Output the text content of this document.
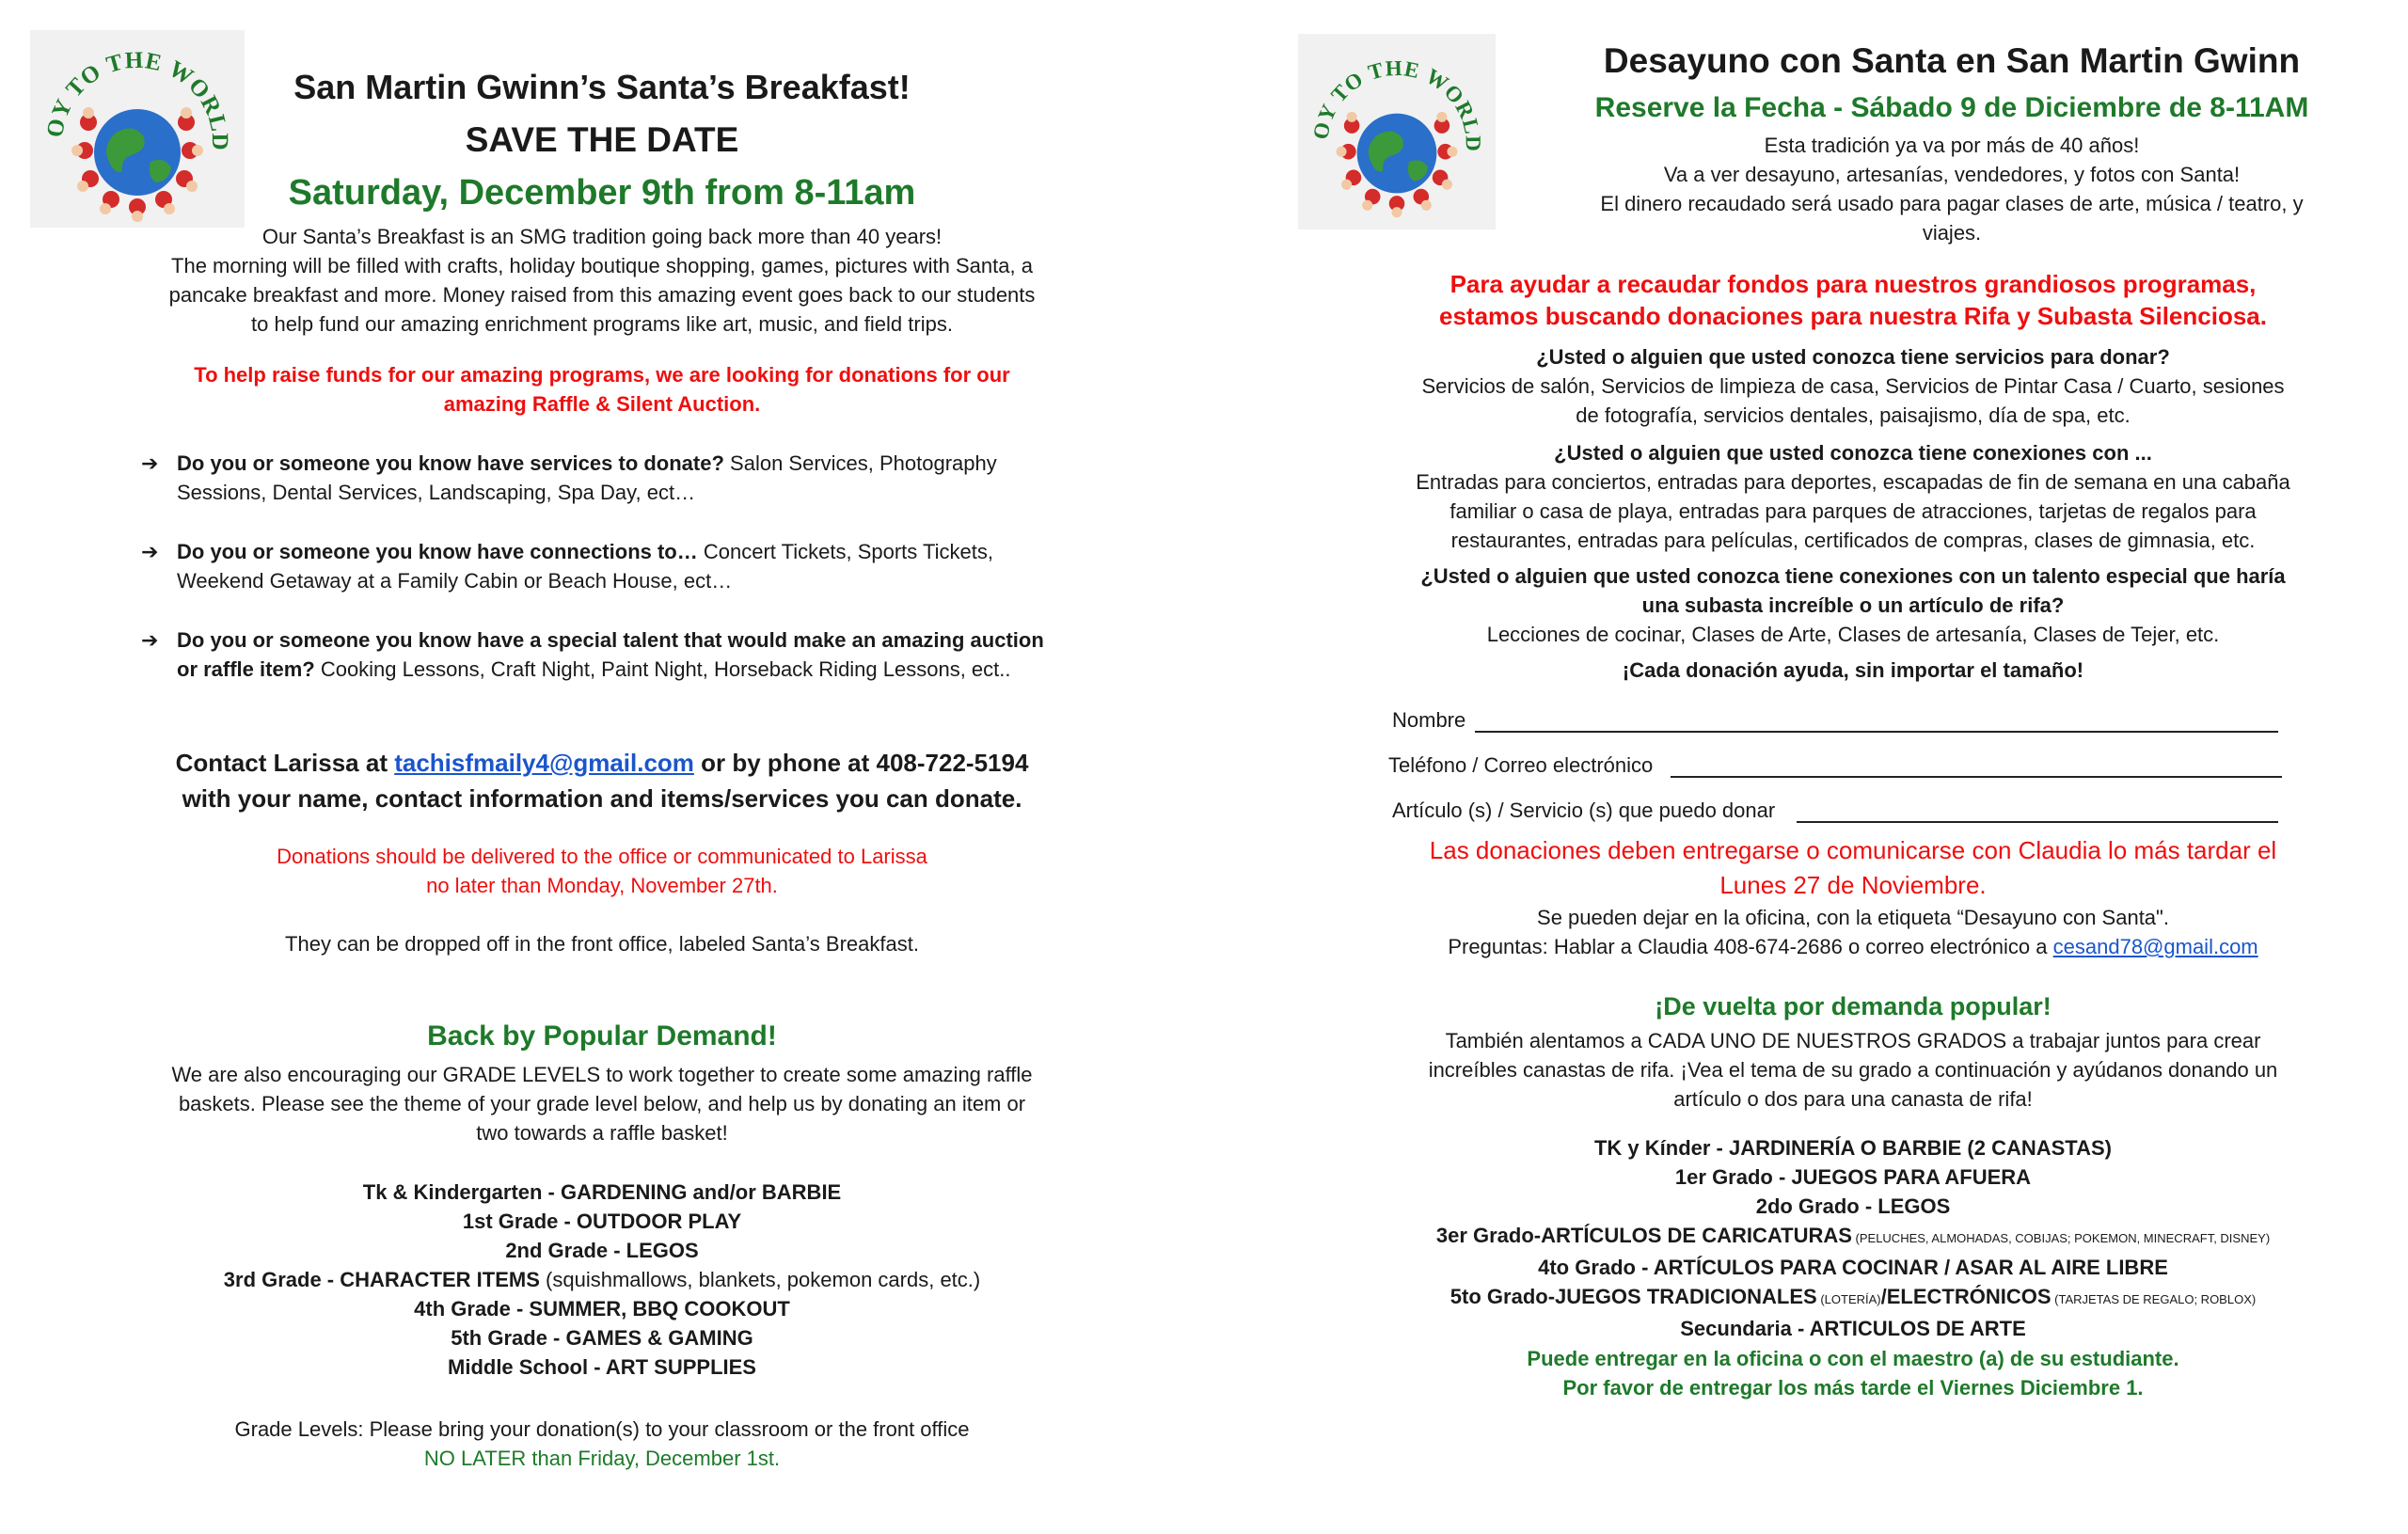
OY TO THE WORLD
San Martin Gwinn’s Santa’s Breakfast!
SAVE THE DATE
Saturday, December 9th from 8-11am
Our Santa’s Breakfast is an SMG tradition going back more than 40 years!
The morning will be filled with crafts, holiday boutique shopping, games, pictures with Santa, a
pancake breakfast and more. Money raised from this amazing event goes back to our students
to help fund our amazing enrichment programs like art, music, and field trips.
To help raise funds for our amazing programs, we are looking for donations for our
amazing Raffle & Silent Auction.
➔ Do you or someone you know have services to donate? Salon Services, Photography Sessions, Dental Services, Landscaping, Spa Day, ect…
➔ Do you or someone you know have connections to… Concert Tickets, Sports Tickets, Weekend Getaway at a Family Cabin or Beach House, ect…
➔ Do you or someone you know have a special talent that would make an amazing auction or raffle item? Cooking Lessons, Craft Night, Paint Night, Horseback Riding Lessons, ect..
Contact Larissa at tachisfmaily4@gmail.com or by phone at 408-722-5194
with your name, contact information and items/services you can donate.
Donations should be delivered to the office or communicated to Larissa
no later than Monday, November 27th.
They can be dropped off in the front office, labeled Santa’s Breakfast.
Back by Popular Demand!
We are also encouraging our GRADE LEVELS to work together to create some amazing raffle
baskets. Please see the theme of your grade level below, and help us by donating an item or
two towards a raffle basket!
Tk & Kindergarten - GARDENING and/or BARBIE
1st Grade - OUTDOOR PLAY
2nd Grade - LEGOS
3rd Grade - CHARACTER ITEMS (squishmallows, blankets, pokemon cards, etc.)
4th Grade - SUMMER, BBQ COOKOUT
5th Grade - GAMES & GAMING
Middle School - ART SUPPLIES
Grade Levels: Please bring your donation(s) to your classroom or the front office
NO LATER than Friday, December 1st.
OY TO THE WORLD
Desayuno con Santa en San Martin Gwinn
Reserve la Fecha - Sábado 9 de Diciembre de 8-11AM
Esta tradición ya va por más de 40 años!
Va a ver desayuno, artesanías, vendedores, y fotos con Santa!
El dinero recaudado será usado para pagar clases de arte, música / teatro, y
viajes.
Para ayudar a recaudar fondos para nuestros grandiosos programas,
estamos buscando donaciones para nuestra Rifa y Subasta Silenciosa.
¿Usted o alguien que usted conozca tiene servicios para donar?
Servicios de salón, Servicios de limpieza de casa, Servicios de Pintar Casa / Cuarto, sesiones
de fotografía, servicios dentales, paisajismo, día de spa, etc.
¿Usted o alguien que usted conozca tiene conexiones con ...
Entradas para conciertos, entradas para deportes, escapadas de fin de semana en una cabaña
familiar o casa de playa, entradas para parques de atracciones, tarjetas de regalos para
restaurantes, entradas para películas, certificados de compras, clases de gimnasia, etc.
¿Usted o alguien que usted conozca tiene conexiones con un talento especial que haría
una subasta increíble o un artículo de rifa?
Lecciones de cocinar, Clases de Arte, Clases de artesanía, Clases de Tejer, etc.
¡Cada donación ayuda, sin importar el tamaño!
Nombre
Teléfono / Correo electrónico
Artículo (s) / Servicio (s) que puedo donar
Las donaciones deben entregarse o comunicarse con Claudia lo más tardar el
Lunes 27 de Noviembre.
Se pueden dejar en la oficina, con la etiqueta “Desayuno con Santa".
Preguntas: Hablar a Claudia 408-674-2686 o correo electrónico a cesand78@gmail.com
¡De vuelta por demanda popular!
También alentamos a CADA UNO DE NUESTROS GRADOS a trabajar juntos para crear
increíbles canastas de rifa. ¡Vea el tema de su grado a continuación y ayúdanos donando un
artículo o dos para una canasta de rifa!
TK y Kínder - JARDINERÍA O BARBIE (2 CANASTAS)
1er Grado - JUEGOS PARA AFUERA
2do Grado - LEGOS
3er Grado-ARTÍCULOS DE CARICATURAS (PELUCHES, ALMOHADAS, COBIJAS; POKEMON, MINECRAFT, DISNEY)
4to Grado - ARTÍCULOS PARA COCINAR / ASAR AL AIRE LIBRE
5to Grado-JUEGOS TRADICIONALES (LOTERÍA)/ELECTRÓNICOS (TARJETAS DE REGALO; ROBLOX)
Secundaria - ARTICULOS DE ARTE
Puede entregar en la oficina o con el maestro (a) de su estudiante.
Por favor de entregar los más tarde el Viernes Diciembre 1.
